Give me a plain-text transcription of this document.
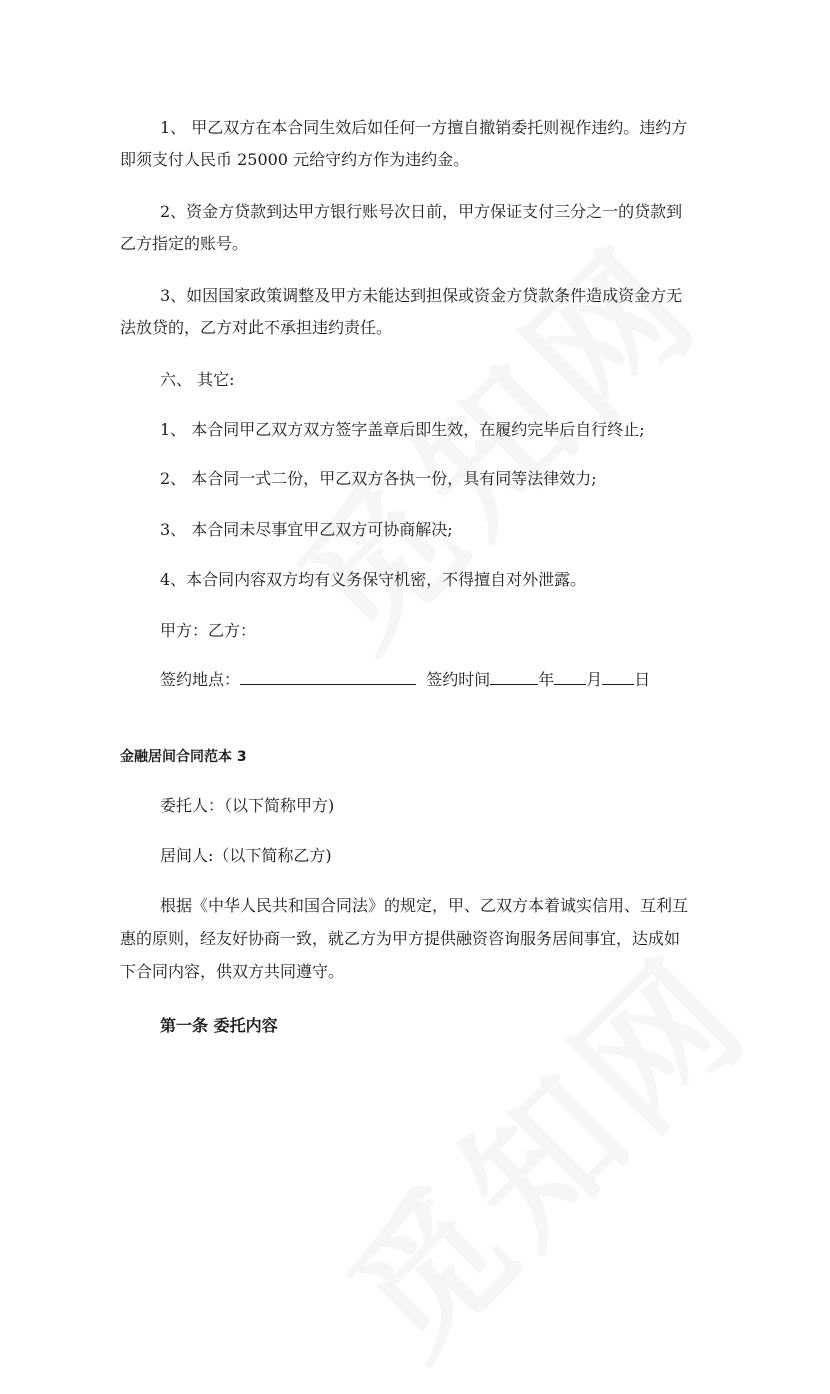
1、 甲乙双方在本合同生效后如任何一方擅自撤销委托则视作违约。违约方
即须支付人民币 25000 元给守约方作为违约金。
2、资金方贷款到达甲方银行账号次日前，甲方保证支付三分之一的贷款到
乙方指定的账号。
3、如因国家政策调整及甲方未能达到担保或资金方贷款条件造成资金方无
法放贷的，乙方对此不承担违约责任。
六、 其它:
1、 本合同甲乙双方双方签字盖章后即生效，在履约完毕后自行终止;
2、 本合同一式二份，甲乙双方各执一份，具有同等法律效力;
3、 本合同未尽事宜甲乙双方可协商解决;
4、本合同内容双方均有义务保守机密，不得擅自对外泄露。
甲方：乙方：
签约地点：	签约时间	年 月 日
金融居间合同范本 3
委托人：（以下简称甲方)
居间人:（以下简称乙方)
根据《中华人民共和国合同法》的规定，甲、乙双方本着诚实信用、互利互
惠的原则，经友好协商一致，就乙方为甲方提供融资咨询服务居间事宜，达成如
下合同内容，供双方共同遵守。
第一条 委托内容
